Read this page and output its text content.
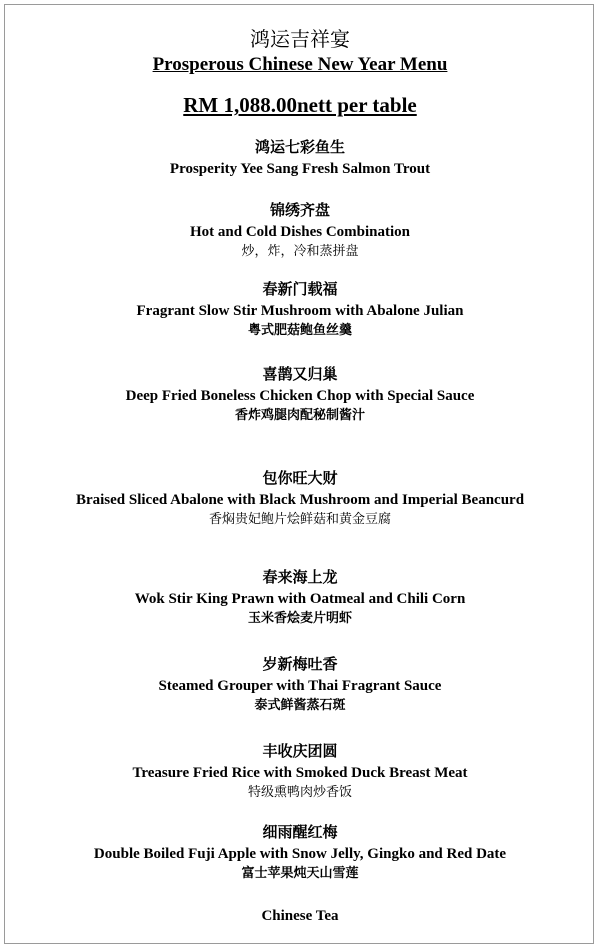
鸿运吉祥宴
Prosperous Chinese New Year Menu
RM 1,088.00nett per table
鸿运七彩鱼生
Prosperity Yee Sang Fresh Salmon Trout
锦绣齐盘
Hot and Cold Dishes Combination
炒，炸，冷和蒸拼盘
春新门载福
Fragrant Slow Stir Mushroom with Abalone Julian
粤式肥菇鲍鱼丝羹
喜鹊又归巢
Deep Fried Boneless Chicken Chop with Special Sauce
香炸鸡腿肉配秘制酱汁
包你旺大财
Braised Sliced Abalone with Black Mushroom and Imperial Beancurd
香焖贵妃鲍片烩鲜菇和黄金豆腐
春来海上龙
Wok Stir King Prawn with Oatmeal and Chili Corn
玉米香烩麦片明虾
岁新梅吐香
Steamed Grouper with Thai Fragrant Sauce
泰式鲜酱蒸石斑
丰收庆团圆
Treasure Fried Rice with Smoked Duck Breast Meat
特级熏鸭肉炒香饭
细雨醒红梅
Double Boiled Fuji Apple with Snow Jelly, Gingko and Red Date
富士苹果炖天山雪莲
Chinese Tea
